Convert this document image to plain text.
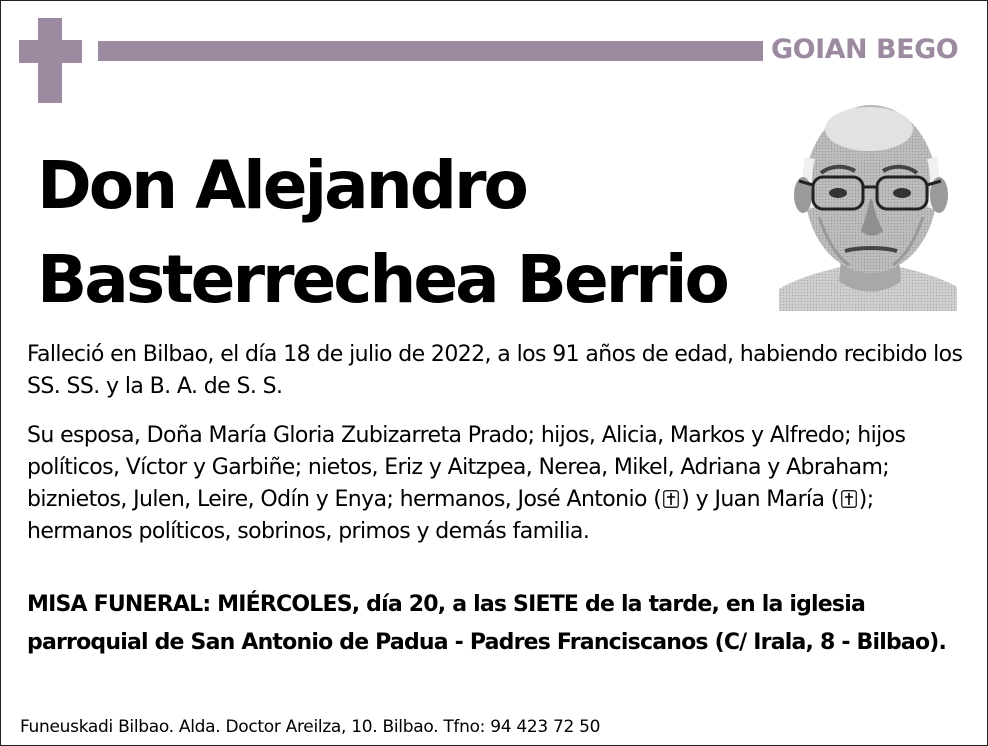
GOIAN BEGO
Don Alejandro
Basterrechea Berrio

Falleció en Bilbao, el día 18 de julio de 2022, a los 91 años de edad, habiendo recibido los SS. SS. y la B. A. de S. S.

Su esposa, Doña María Gloria Zubizarreta Prado; hijos, Alicia, Markos y Alfredo; hijos políticos, Víctor y Garbiñe; nietos, Eriz y Aitzpea, Nerea, Mikel, Adriana y Abraham; biznietos, Julen, Leire, Odín y Enya; hermanos, José Antonio ( ) y Juan María ( ); hermanos políticos, sobrinos, primos y demás familia.

MISA FUNERAL: MIÉRCOLES, día 20, a las SIETE de la tarde, en la iglesia parroquial de San Antonio de Padua - Padres Franciscanos (C/ Irala, 8 - Bilbao).

Funeuskadi Bilbao. Alda. Doctor Areilza, 10. Bilbao. Tfno: 94 423 72 50
